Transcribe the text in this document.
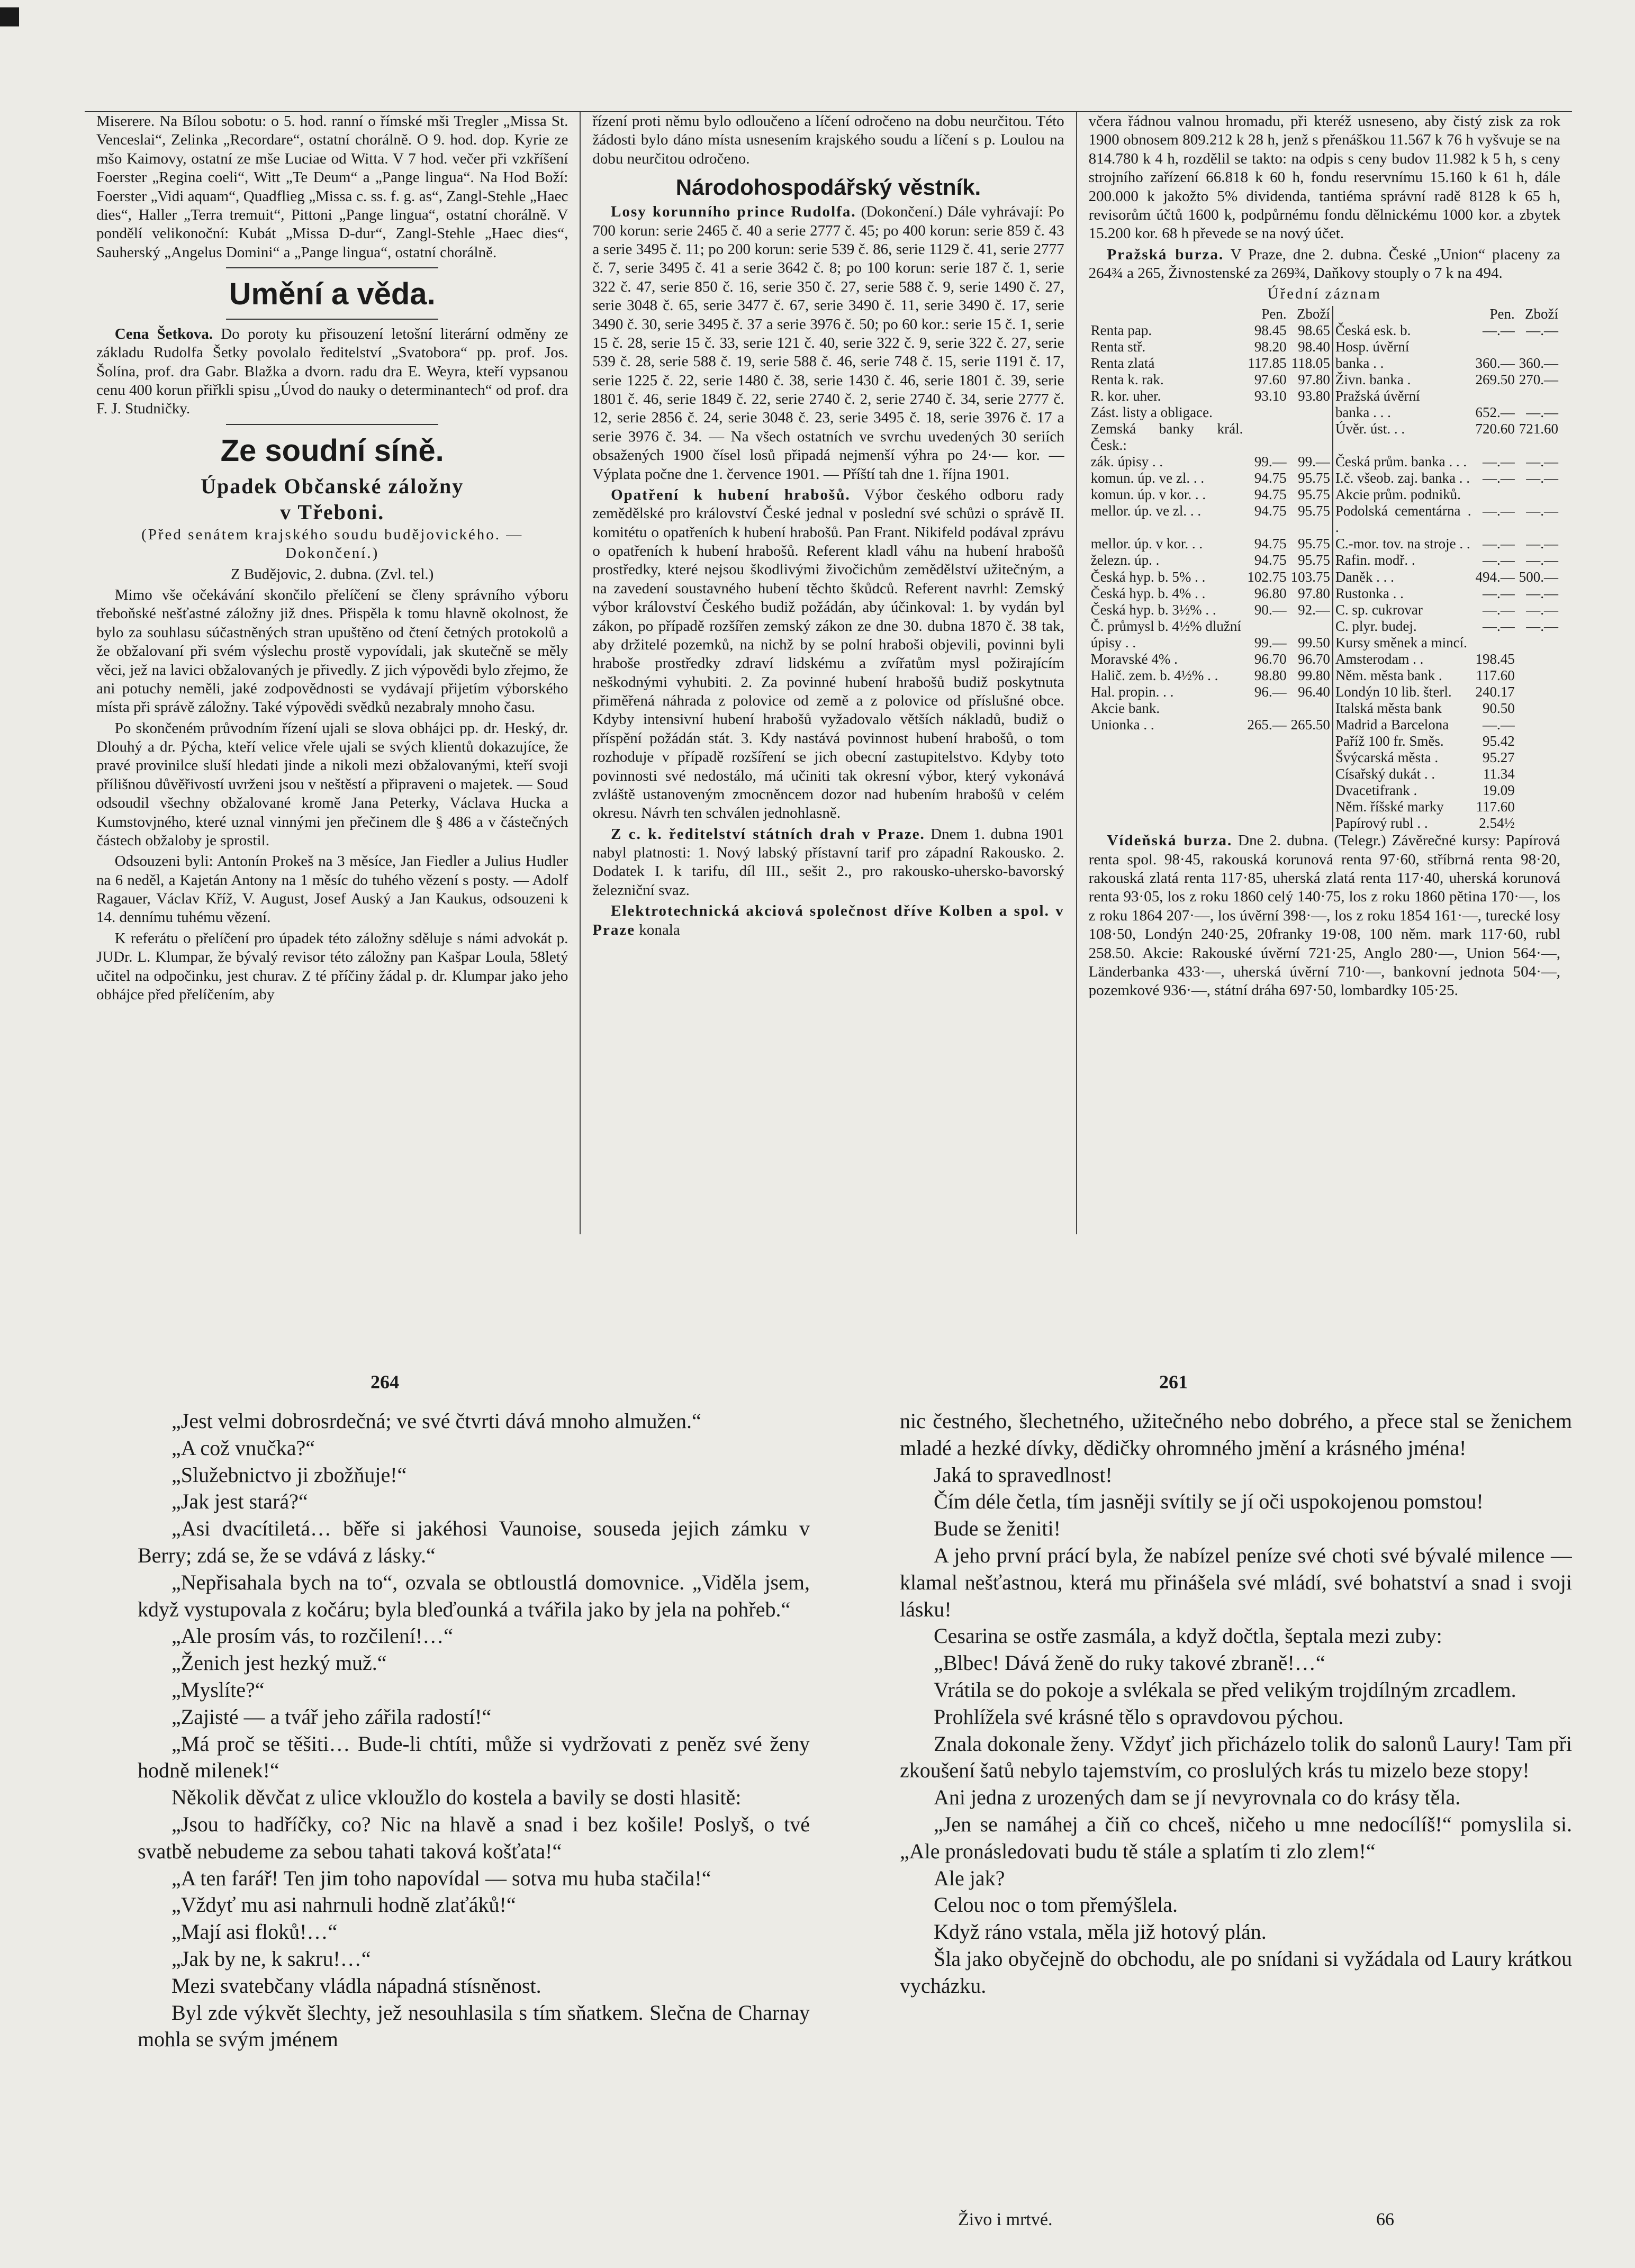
Miserere. Na Bílou sobotu: o 5. hod. ranní o římské mši Tregler „Missa St. Venceslai“, Zelinka „Recordare“, ostatní chorálně. O 9. hod. dop. Kyrie ze mšo Kaimovy, ostatní ze mše Luciae od Witta. V 7 hod. večer při vzkříšení Foerster „Regina coeli“, Witt „Te Deum“ a „Pange lingua“. Na Hod Boží: Foerster „Vidi aquam“, Quadflieg „Missa c. ss. f. g. as“, Zangl-Stehle „Haec dies“, Haller „Terra tremuit“, Pittoni „Pange lingua“, ostatní chorálně. V pondělí velikonoční: Kubát „Missa D-dur“, Zangl-Stehle „Haec dies“, Sauherský „Angelus Domini“ a „Pange lingua“, ostatní chorálně.

Umění a věda.

Cena Šetkova. Do poroty ku přisouzení letošní literární odměny ze základu Rudolfa Šetky povolalo ředitelství „Svatobora“ pp. prof. Jos. Šolína, prof. dra Gabr. Blažka a dvorn. radu dra E. Weyra, kteří vypsanou cenu 400 korun přiřkli spisu „Úvod do nauky o determinantech“ od prof. dra F. J. Studničky.

Ze soudní síně.
Úpadek Občanské záložny
v Třeboni.

(Před senátem krajského soudu budějovického. — Dokončení.)

Z Budějovic, 2. dubna. (Zvl. tel.)

Mimo vše očekávání skončilo přelíčení se členy správního výboru třeboňské nešťastné záložny již dnes. Přispěla k tomu hlavně okolnost, že bylo za souhlasu súčastněných stran upuštěno od čtení četných protokolů a že obžalovaní při svém výslechu prostě vypovídali, jak skutečně se měly věci, jež na lavici obžalovaných je přivedly. Z jich výpovědi bylo zřejmo, že ani potuchy neměli, jaké zodpovědnosti se vydávají přijetím výborského místa při správě záložny. Také výpovědi svědků nezabraly mnoho času.

Po skončeném průvodním řízení ujali se slova obhájci pp. dr. Heský, dr. Dlouhý a dr. Pýcha, kteří velice vřele ujali se svých klientů dokazujíce, že pravé provinilce sluší hledati jinde a nikoli mezi obžalovanými, kteří svoji přílišnou důvěřivostí uvrženi jsou v neštěstí a připraveni o majetek. — Soud odsoudil všechny obžalované kromě Jana Peterky, Václava Hucka a Kumstovjného, které uznal vinnými jen přečinem dle § 486 a v částečných částech obžaloby je sprostil.

Odsouzeni byli: Antonín Prokeš na 3 měsíce, Jan Fiedler a Julius Hudler na 6 neděl, a Kajetán Antony na 1 měsíc do tuhého vězení s posty. — Adolf Ragauer, Václav Kříž, V. August, Josef Auský a Jan Kaukus, odsouzeni k 14. dennímu tuhému vězení.

K referátu o přelíčení pro úpadek této záložny sděluje s námi advokát p. JUDr. L. Klumpar, že bývalý revisor této záložny pan Kašpar Loula, 58letý učitel na odpočinku, jest churav. Z té příčiny žádal p. dr. Klumpar jako jeho obhájce před přelíčením, aby

řízení proti němu bylo odloučeno a líčení odročeno na dobu neurčitou. Této žádosti bylo dáno místa usnesením krajského soudu a líčení s p. Loulou na dobu neurčitou odročeno.

Národohospodářský věstník.

Losy korunního prince Rudolfa. (Dokončení.) Dále vyhrávají: Po 700 korun: serie 2465 č. 40 a serie 2777 č. 45; po 400 korun: serie 859 č. 43 a serie 3495 č. 11; po 200 korun: serie 539 č. 86, serie 1129 č. 41, serie 2777 č. 7, serie 3495 č. 41 a serie 3642 č. 8; po 100 korun: serie 187 č. 1, serie 322 č. 47, serie 850 č. 16, serie 350 č. 27, serie 588 č. 9, serie 1490 č. 27, serie 3048 č. 65, serie 3477 č. 67, serie 3490 č. 11, serie 3490 č. 17, serie 3490 č. 30, serie 3495 č. 37 a serie 3976 č. 50; po 60 kor.: serie 15 č. 1, serie 15 č. 28, serie 15 č. 33, serie 121 č. 40, serie 322 č. 9, serie 322 č. 27, serie 539 č. 28, serie 588 č. 19, serie 588 č. 46, serie 748 č. 15, serie 1191 č. 17, serie 1225 č. 22, serie 1480 č. 38, serie 1430 č. 46, serie 1801 č. 39, serie 1801 č. 46, serie 1849 č. 22, serie 2740 č. 2, serie 2740 č. 34, serie 2777 č. 12, serie 2856 č. 24, serie 3048 č. 23, serie 3495 č. 18, serie 3976 č. 17 a serie 3976 č. 34. — Na všech ostatních ve svrchu uvedených 30 seriích obsažených 1900 čísel losů připadá nejmenší výhra po 24·— kor. — Výplata počne dne 1. července 1901. — Příští tah dne 1. října 1901.

Opatření k hubení hrabošů. Výbor českého odboru rady zemědělské pro království České jednal v poslední své schůzi o správě II. komitétu o opatřeních k hubení hrabošů. Pan Frant. Nikifeld podával zprávu o opatřeních k hubení hrabošů. Referent kladl váhu na hubení hrabošů prostředky, které nejsou škodlivými živočichům zemědělství užitečným, a na zavedení soustavného hubení těchto škůdců. Referent navrhl: Zemský výbor království Českého budiž požádán, aby účinkoval: 1. by vydán byl zákon, po případě rozšířen zemský zákon ze dne 30. dubna 1870 č. 38 tak, aby držitelé pozemků, na nichž by se polní hraboši objevili, povinni byli hraboše prostředky zdraví lidskému a zvířatům mysl požirajícím neškodnými vyhubiti. 2. Za povinné hubení hrabošů budiž poskytnuta přiměřená náhrada z polovice od země a z polovice od příslušné obce. Kdyby intensivní hubení hrabošů vyžadovalo větších nákladů, budiž o příspění požádán stát. 3. Kdy nastává povinnost hubení hrabošů, o tom rozhoduje v případě rozšíření se jich obecní zastupitelstvo. Kdyby toto povinnosti své nedostálo, má učiniti tak okresní výbor, který vykonává zvláště ustanoveným zmocněncem dozor nad hubením hrabošů v celém okresu. Návrh ten schválen jednohlasně.

Z c. k. ředitelství státních drah v Praze. Dnem 1. dubna 1901 nabyl platnosti: 1. Nový labský přístavní tarif pro západní Rakousko. 2. Dodatek I. k tarifu, díl III., sešit 2., pro rakousko-uhersko-bavorský železniční svaz.

Elektrotechnická akciová společnost dříve Kolben a spol. v Praze konala

včera řádnou valnou hromadu, při kteréž usneseno, aby čistý zisk za rok 1900 obnosem 809.212 k 28 h, jenž s přenáškou 11.567 k 76 h vyšvuje se na 814.780 k 4 h, rozdělil se takto: na odpis s ceny budov 11.982 k 5 h, s ceny strojního zařízení 66.818 k 60 h, fondu reservnímu 15.160 k 61 h, dále 200.000 k jakožto 5% dividenda, tantiéma správní radě 8128 k 65 h, revisorům účtů 1600 k, podpůrnému fondu dělnickému 1000 kor. a zbytek 15.200 kor. 68 h převede se na nový účet.

Pražská burza. V Praze, dne 2. dubna. České „Union“ placeny za 264¾ a 265, Živnostenské za 269¾, Daňkovy stouply o 7 k na 494.

Úřední záznam

	Pen.	Zboží		Pen.	Zboží
Renta pap.	98.45	98.65	Česká esk. b.	—.—	—.—
Renta stř.	98.20	98.40	Hosp. úvěrní		
Renta zlatá	117.85	118.05	banka . .	360.—	360.—
Renta k. rak.	97.60	97.80	Živn. banka .	269.50	270.—
R. kor. uher.	93.10	93.80	Pražská úvěrní		
Zást. listy a obligace.			banka . . .	652.—	—.—
Zemská banky král. Česk.:			Úvěr. úst. . .	720.60	721.60
zák. úpisy . .	99.—	99.—	Česká prům. banka . . .	—.—	—.—
komun. úp. ve zl. . .	94.75	95.75	I.č. všeob. zaj. banka . .	—.—	—.—
komun. úp. v kor. . .	94.75	95.75	Akcie prům. podniků.		
mellor. úp. ve zl. . .	94.75	95.75	Podolská cementárna . .	—.—	—.—
mellor. úp. v kor. . .	94.75	95.75	C.-mor. tov. na stroje . .	—.—	—.—
železn. úp. .	94.75	95.75	Rafin. modř. .	—.—	—.—
Česká hyp. b. 5% . .	102.75	103.75	Daněk . . .	494.—	500.—
Česká hyp. b. 4% . .	96.80	97.80	Rustonka . .	—.—	—.—
Česká hyp. b. 3½% . .	90.—	92.—	C. sp. cukrovar	—.—	—.—
Č. průmysl b. 4½% dlužní			C. plyr. budej.	—.—	—.—
úpisy . .	99.—	99.50	Kursy směnek a mincí.		
Moravské 4% .	96.70	96.70	Amsterodam . .	198.45	
Halič. zem. b. 4½% . .	98.80	99.80	Něm. města bank .	117.60	
Hal. propin. . .	96.—	96.40	Londýn 10 lib. šterl.	240.17	
Akcie bank.			Italská města bank	90.50	
Unionka . .	265.—	265.50	Madrid a Barcelona	—.—	
			Paříž 100 fr. Směs.	95.42	
			Švýcarská města .	95.27	
			Císařský dukát . .	11.34	
			Dvacetifrank .	19.09	
			Něm. říšské marky	117.60	
			Papírový rubl . .	2.54½	

Vídeňská burza. Dne 2. dubna. (Telegr.) Závěrečné kursy: Papírová renta spol. 98·45, rakouská korunová renta 97·60, stříbrná renta 98·20, rakouská zlatá renta 117·85, uherská zlatá renta 117·40, uherská korunová renta 93·05, los z roku 1860 celý 140·75, los z roku 1860 pětina 170·—, los z roku 1864 207·—, los úvěrní 398·—, los z roku 1854 161·—, turecké losy 108·50, Londýn 240·25, 20franky 19·08, 100 něm. mark 117·60, rubl 258.50. Akcie: Rakouské úvěrní 721·25, Anglo 280·—, Union 564·—, Länderbanka 433·—, uherská úvěrní 710·—, bankovní jednota 504·—, pozemkové 936·—, státní dráha 697·50, lombardky 105·25.

264	261

„Jest velmi dobrosrdečná; ve své čtvrti dává mnoho almužen.“

„A což vnučka?“

„Služebnictvo ji zbožňuje!“

„Jak jest stará?“

„Asi dvacítiletá… běře si jakéhosi Vaunoise, souseda jejich zámku v Berry; zdá se, že se vdává z lásky.“

„Nepřisahala bych na to“, ozvala se obtloustlá domovnice. „Viděla jsem, když vystupovala z kočáru; byla bleďounká a tvářila jako by jela na pohřeb.“

„Ale prosím vás, to rozčilení!…“

„Ženich jest hezký muž.“

„Myslíte?“

„Zajisté — a tvář jeho zářila radostí!“

„Má proč se těšiti… Bude-li chtíti, může si vydržovati z peněz své ženy hodně milenek!“

Několik děvčat z ulice vkloužlo do kostela a bavily se dosti hlasitě:

„Jsou to hadříčky, co? Nic na hlavě a snad i bez košile! Poslyš, o tvé svatbě nebudeme za sebou tahati taková košťata!“

„A ten farář! Ten jim toho napovídal — sotva mu huba stačila!“

„Vždyť mu asi nahrnuli hodně zlaťáků!“

„Mají asi floků!…“

„Jak by ne, k sakru!…“

Mezi svatebčany vládla nápadná stísněnost.

Byl zde výkvět šlechty, jež nesouhlasila s tím sňatkem. Slečna de Charnay mohla se svým jménem

nic čestného, šlechetného, užitečného nebo dobrého, a přece stal se ženichem mladé a hezké dívky, dědičky ohromného jmění a krásného jména!

Jaká to spravedlnost!

Čím déle četla, tím jasněji svítily se jí oči uspokojenou pomstou!

Bude se ženiti!

A jeho první prácí byla, že nabízel peníze své choti své bývalé milence — klamal nešťastnou, která mu přinášela své mládí, své bohatství a snad i svoji lásku!

Cesarina se ostře zasmála, a když dočtla, šeptala mezi zuby:

„Blbec! Dává ženě do ruky takové zbraně!…“

Vrátila se do pokoje a svlékala se před velikým trojdílným zrcadlem.

Prohlížela své krásné tělo s opravdovou pýchou.

Znala dokonale ženy. Vždyť jich přicházelo tolik do salonů Laury! Tam při zkoušení šatů nebylo tajemstvím, co proslulých krás tu mizelo beze stopy!

Ani jedna z urozených dam se jí nevyrovnala co do krásy těla.

„Jen se namáhej a čiň co chceš, ničeho u mne nedocílíš!“ pomyslila si. „Ale pronásledovati budu tě stále a splatím ti zlo zlem!“

Ale jak?

Celou noc o tom přemýšlela.

Když ráno vstala, měla již hotový plán.

Šla jako obyčejně do obchodu, ale po snídani si vyžádala od Laury krátkou vycházku.

Živo i mrtvé.	66
